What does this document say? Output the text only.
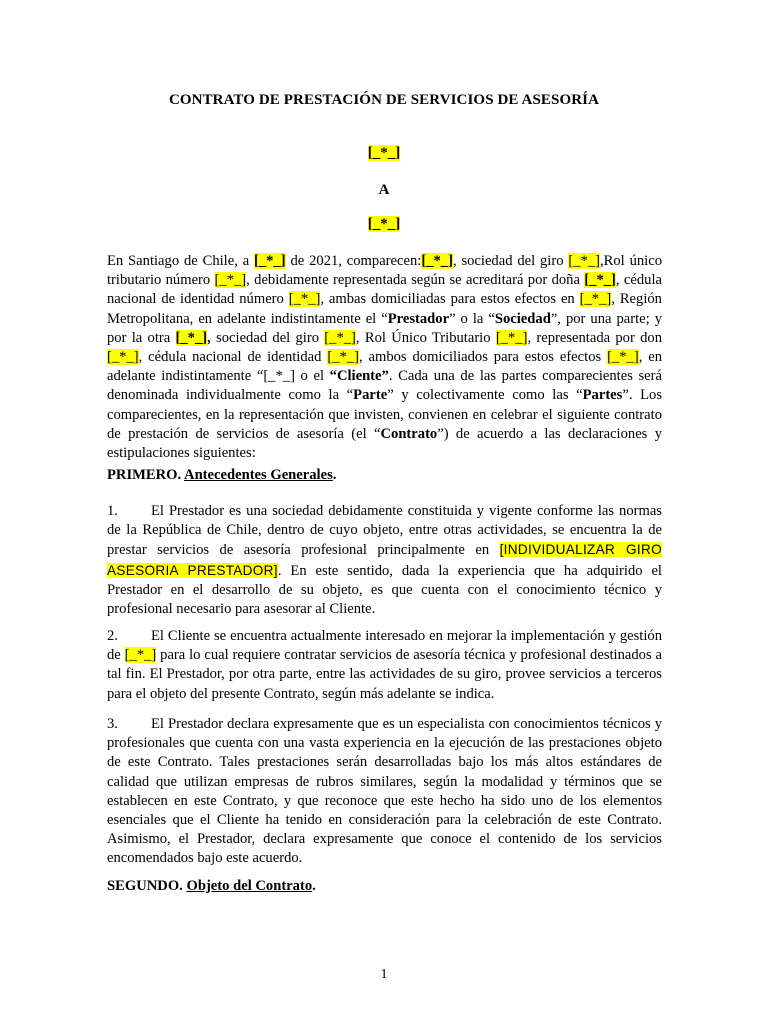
CONTRATO DE PRESTACIÓN DE SERVICIOS DE ASESORÍA
[_*_]
A
[_*_]
En Santiago de Chile, a [_*_] de 2021, comparecen:[_*_], sociedad del giro [_*_],Rol único tributario número [_*_], debidamente representada según se acreditará por doña [_*_], cédula nacional de identidad número [_*_], ambas domiciliadas para estos efectos en [_*_], Región Metropolitana, en adelante indistintamente el “Prestador” o la “Sociedad”, por una parte; y por la otra [_*_], sociedad del giro [_*_], Rol Único Tributario [_*_], representada por don [_*_], cédula nacional de identidad [_*_], ambos domiciliados para estos efectos [_*_], en adelante indistintamente “[_*_] o el “Cliente”. Cada una de las partes comparecientes será denominada individualmente como la “Parte” y colectivamente como las “Partes”. Los comparecientes, en la representación que invisten, convienen en celebrar el siguiente contrato de prestación de servicios de asesoría (el “Contrato”) de acuerdo a las declaraciones y estipulaciones siguientes:
PRIMERO. Antecedentes Generales.
1. El Prestador es una sociedad debidamente constituida y vigente conforme las normas de la República de Chile, dentro de cuyo objeto, entre otras actividades, se encuentra la de prestar servicios de asesoría profesional principalmente en [INDIVIDUALIZAR GIRO ASESORIA PRESTADOR]. En este sentido, dada la experiencia que ha adquirido el Prestador en el desarrollo de su objeto, es que cuenta con el conocimiento técnico y profesional necesario para asesorar al Cliente.
2. El Cliente se encuentra actualmente interesado en mejorar la implementación y gestión de [_*_] para lo cual requiere contratar servicios de asesoría técnica y profesional destinados a tal fin. El Prestador, por otra parte, entre las actividades de su giro, provee servicios a terceros para el objeto del presente Contrato, según más adelante se indica.
3. El Prestador declara expresamente que es un especialista con conocimientos técnicos y profesionales que cuenta con una vasta experiencia en la ejecución de las prestaciones objeto de este Contrato. Tales prestaciones serán desarrolladas bajo los más altos estándares de calidad que utilizan empresas de rubros similares, según la modalidad y términos que se establecen en este Contrato, y que reconoce que este hecho ha sido uno de los elementos esenciales que el Cliente ha tenido en consideración para la celebración de este Contrato. Asimismo, el Prestador, declara expresamente que conoce el contenido de los servicios encomendados bajo este acuerdo.
SEGUNDO. Objeto del Contrato.
1
